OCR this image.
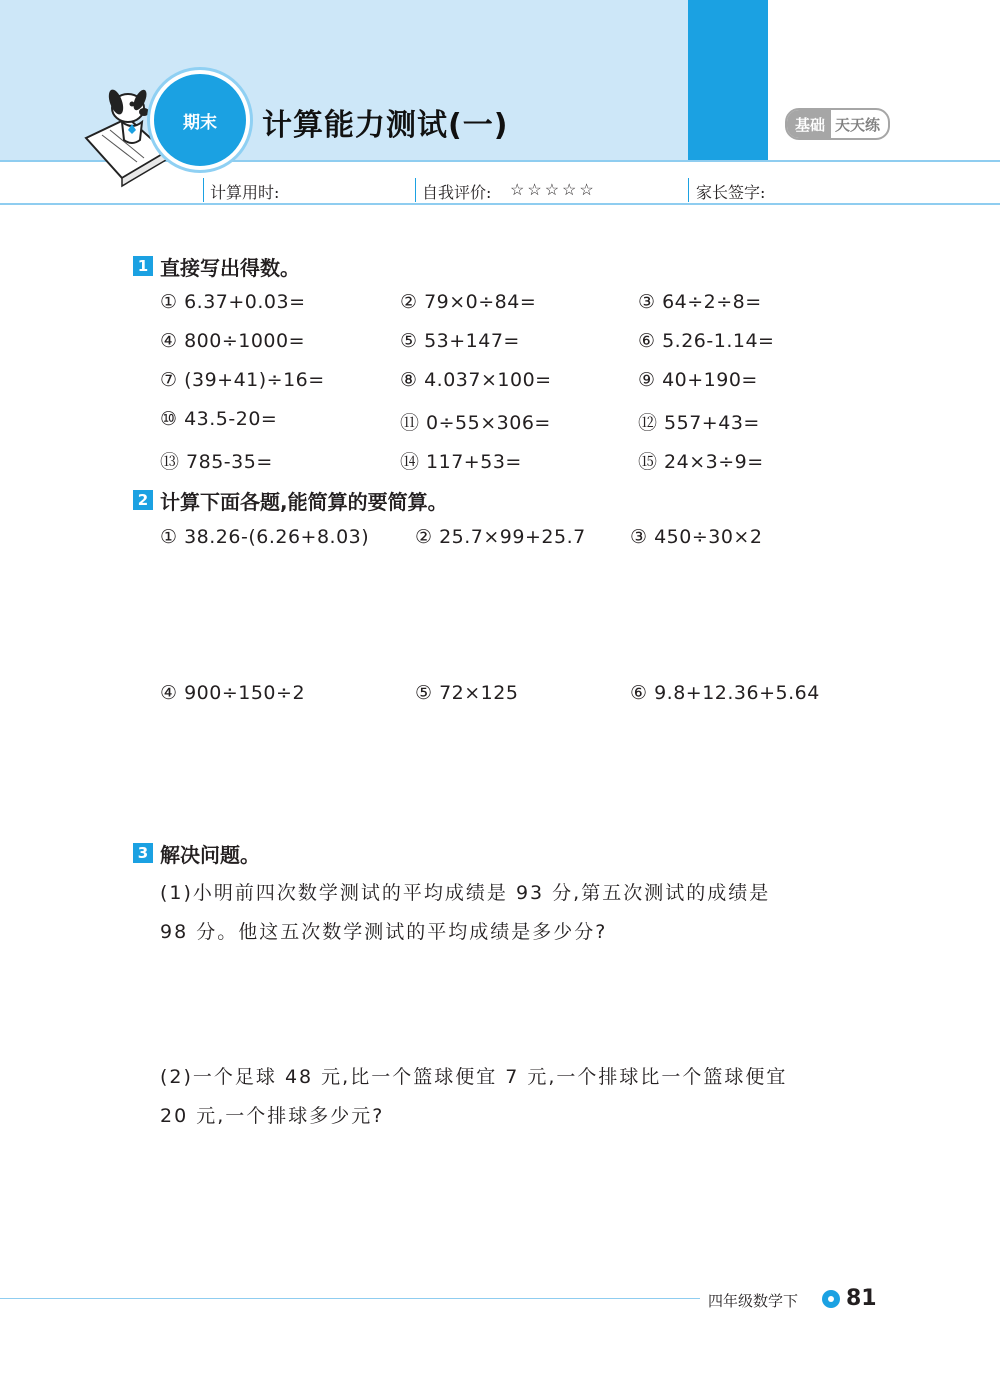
期末	计算能力测试(一)	基础 天天练
计算用时:	自我评价: ☆☆☆☆☆	家长签字:
1 直接写出得数。
① 6.37+0.03=	② 79×0÷84=	③ 64÷2÷8=
④ 800÷1000=	⑤ 53+147=	⑥ 5.26-1.14=
⑦ (39+41)÷16=	⑧ 4.037×100=	⑨ 40+190=
⑩ 43.5-20=	⑪ 0÷55×306=	⑫ 557+43=
⑬ 785-35=	⑭ 117+53=	⑮ 24×3÷9=
2 计算下面各题,能简算的要简算。
① 38.26-(6.26+8.03) ② 25.7×99+25.7 ③ 450÷30×2
④ 900÷150÷2	⑤ 72×125	⑥ 9.8+12.36+5.64
3 解决问题。
(1)小明前四次数学测试的平均成绩是 93 分,第五次测试的成绩是
98 分。他这五次数学测试的平均成绩是多少分?
(2)一个足球 48 元,比一个篮球便宜 7 元,一个排球比一个篮球便宜
20 元,一个排球多少元?
四年级数学下 81
